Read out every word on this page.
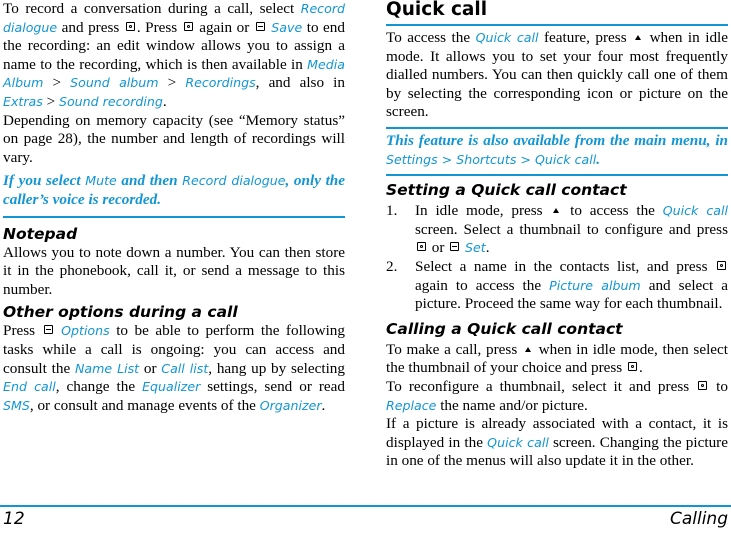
To record a conversation during a call, select Record dialogue and press . Press  again or  Save to end the recording: an edit window allows you to assign a name to the recording, which is then available in Media Album > Sound album > Recordings, and also in Extras > Sound recording.

Depending on memory capacity (see “Memory status” on page 28), the number and length of recordings will vary.

If you select Mute and then Record dialogue, only the caller’s voice is recorded.

Notepad

Allows you to note down a number. You can then store it in the phonebook, call it, or send a message to this number.

Other options during a call

Press  Options to be able to perform the following tasks while a call is ongoing: you can access and consult the Name List or Call list, hang up by selecting End call, change the Equalizer settings, send or read SMS, or consult and manage events of the Organizer.

Quick call

To access the Quick call feature, press  when in idle mode. It allows you to set your four most frequently dialled numbers. You can then quickly call one of them by selecting the corresponding icon or picture on the screen.

This feature is also available from the main menu, in Settings > Shortcuts > Quick call.

Setting a Quick call contact
1. In idle mode, press  to access the Quick call screen. Select a thumbnail to configure and press  or  Set.
2. Select a name in the contacts list, and press  again to access the Picture album and select a picture. Proceed the same way for each thumbnail.
Calling a Quick call contact

To make a call, press  when in idle mode, then select the thumbnail of your choice and press .

To reconfigure a thumbnail, select it and press  to Replace the name and/or picture.

If a picture is already associated with a contact, it is displayed in the Quick call screen. Changing the picture in one of the menus will also update it in the other.

12	Calling
